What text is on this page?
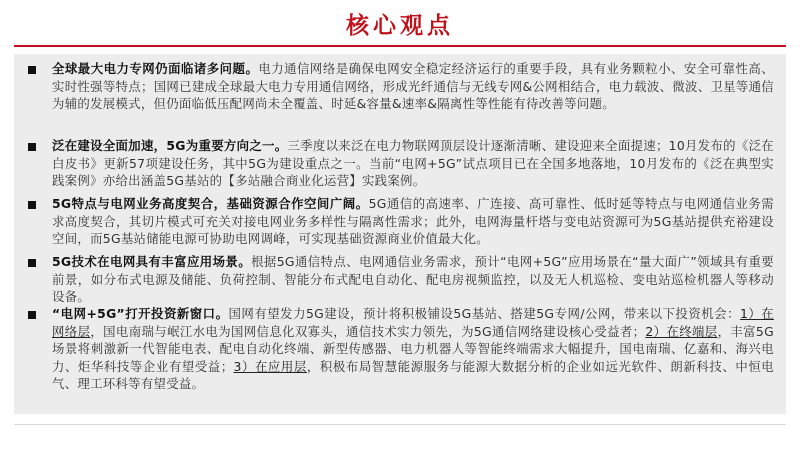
核心观点

全球最大电力专网仍面临诸多问题。电力通信网络是确保电网安全稳定经济运行的重要手段，具有业务颗粒小、安全可靠性高、实时性强等特点；国网已建成全球最大电力专用通信网络，形成光纤通信与无线专网&公网相结合，电力载波、微波、卫星等通信为辅的发展模式，但仍面临低压配网尚未全覆盖、时延&容量&速率&隔离性等性能有待改善等问题。

泛在建设全面加速，5G为重要方向之一。三季度以来泛在电力物联网顶层设计逐渐清晰、建设迎来全面提速；10月发布的《泛在白皮书》更新57项建设任务，其中5G为建设重点之一。当前“电网+5G”试点项目已在全国多地落地，10月发布的《泛在典型实践案例》亦给出涵盖5G基站的【多站融合商业化运营】实践案例。

5G特点与电网业务高度契合，基础资源合作空间广阔。5G通信的高速率、广连接、高可靠性、低时延等特点与电网通信业务需求高度契合，其切片模式可充关对接电网业务多样性与隔离性需求；此外，电网海量杆塔与变电站资源可为5G基站提供充裕建设空间，而5G基站储能电源可协助电网调峰，可实现基础资源商业价值最大化。

5G技术在电网具有丰富应用场景。根据5G通信特点、电网通信业务需求，预计“电网+5G”应用场景在“量大面广”领域具有重要前景，如分布式电源及储能、负荷控制、智能分布式配电自动化、配电房视频监控，以及无人机巡检、变电站巡检机器人等移动设备。

“电网+5G”打开投资新窗口。国网有望发力5G建设，预计将积极铺设5G基站、搭建5G专网/公网，带来以下投资机会：1）在网络层，国电南瑞与岷江水电为国网信息化双寡头，通信技术实力领先，为5G通信网络建设核心受益者；2）在终端层，丰富5G场景将刺激新一代智能电表、配电自动化终端、新型传感器、电力机器人等智能终端需求大幅提升，国电南瑞、亿嘉和、海兴电力、炬华科技等企业有望受益；3）在应用层，积极布局智慧能源服务与能源大数据分析的企业如远光软件、朗新科技、中恒电气、理工环科等有望受益。
